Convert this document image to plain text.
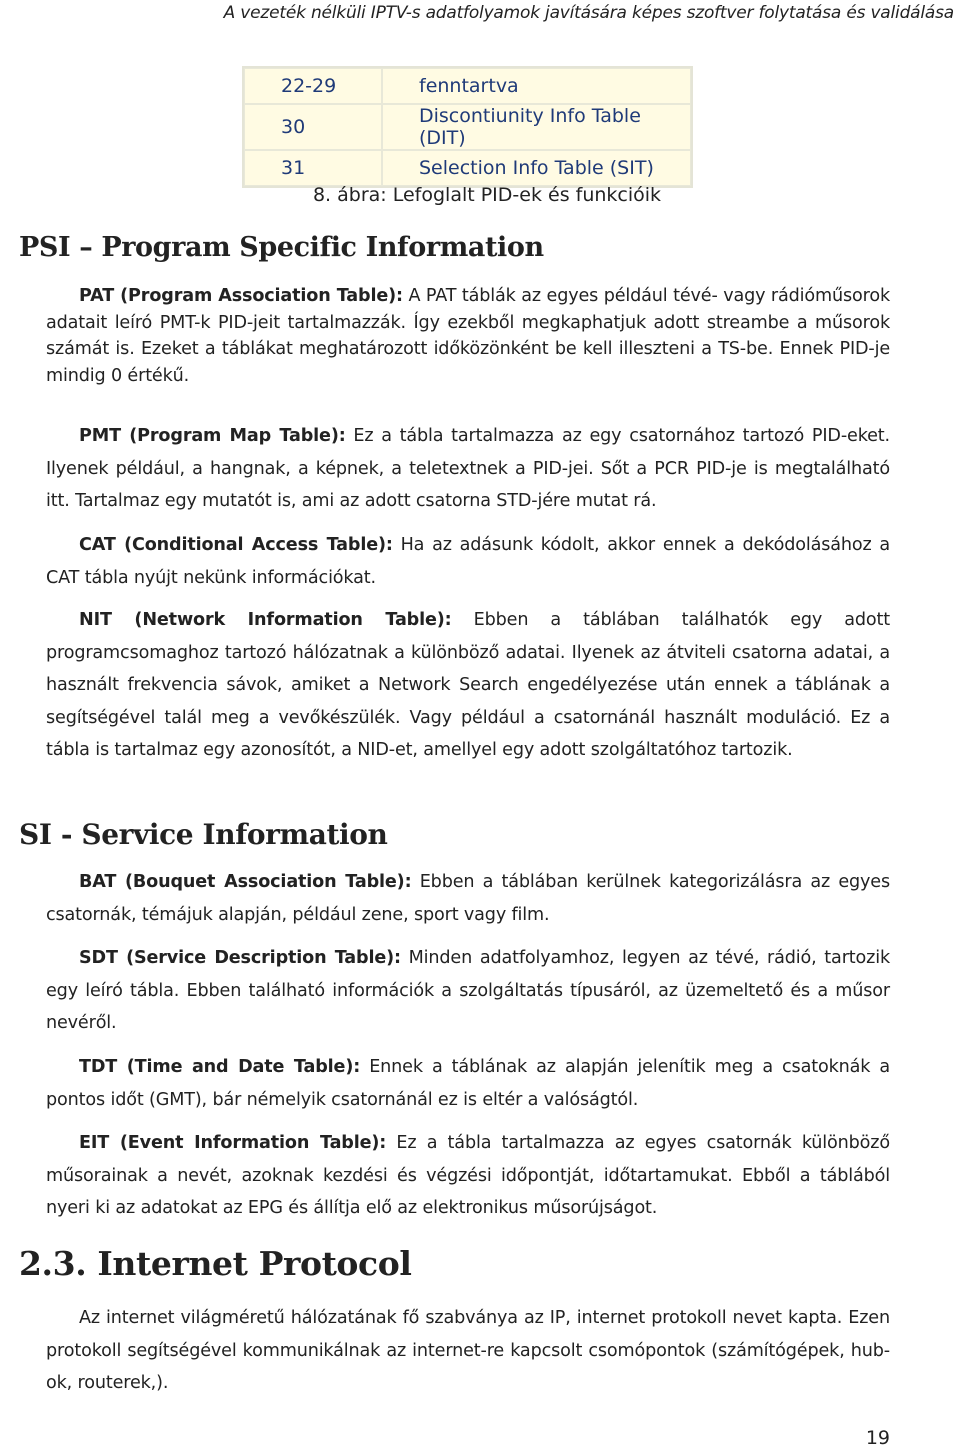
A vezeték nélküli IPTV-s adatfolyamok javítására képes szoftver folytatása és validálása
22-29	fenntartva
30	Discontiunity Info Table (DIT)
31	Selection Info Table (SIT)
8. ábra: Lefoglalt PID-ek és funkcióik
PSI – Program Specific Information

PAT (Program Association Table): A PAT táblák az egyes például tévé- vagy rádióműsorok adatait leíró PMT-k PID-jeit tartalmazzák. Így ezekből megkaphatjuk adott streambe a műsorok számát is. Ezeket a táblákat meghatározott időközönként be kell illeszteni a TS-be. Ennek PID-je mindig 0 értékű.

PMT (Program Map Table): Ez a tábla tartalmazza az egy csatornához tartozó PID-eket. Ilyenek például, a hangnak, a képnek, a teletextnek a PID-jei. Sőt a PCR PID-je is megtalálható itt. Tartalmaz egy mutatót is, ami az adott csatorna STD-jére mutat rá.

CAT (Conditional Access Table): Ha az adásunk kódolt, akkor ennek a dekódolásához a CAT tábla nyújt nekünk információkat.

NIT (Network Information Table): Ebben a táblában találhatók egy adott programcsomaghoz tartozó hálózatnak a különböző adatai. Ilyenek az átviteli csatorna adatai, a használt frekvencia sávok, amiket a Network Search engedélyezése után ennek a táblának a segítségével talál meg a vevőkészülék. Vagy például a csatornánál használt moduláció. Ez a tábla is tartalmaz egy azonosítót, a NID-et, amellyel egy adott szolgáltatóhoz tartozik.

SI - Service Information

BAT (Bouquet Association Table): Ebben a táblában kerülnek kategorizálásra az egyes csatornák, témájuk alapján, például zene, sport vagy film.

SDT (Service Description Table): Minden adatfolyamhoz, legyen az tévé, rádió, tartozik egy leíró tábla. Ebben található információk a szolgáltatás típusáról, az üzemeltető és a műsor nevéről.

TDT (Time and Date Table): Ennek a táblának az alapján jelenítik meg a csatoknák a pontos időt (GMT), bár némelyik csatornánál ez is eltér a valóságtól.

EIT (Event Information Table): Ez a tábla tartalmazza az egyes csatornák különböző műsorainak a nevét, azoknak kezdési és végzési időpontját, időtartamukat. Ebből a táblából nyeri ki az adatokat az EPG és állítja elő az elektronikus műsorújságot.

2.3. Internet Protocol

Az internet világméretű hálózatának fő szabványa az IP, internet protokoll nevet kapta. Ezen protokoll segítségével kommunikálnak az internet-re kapcsolt csomópontok (számítógépek, hub-ok, routerek,).

19
